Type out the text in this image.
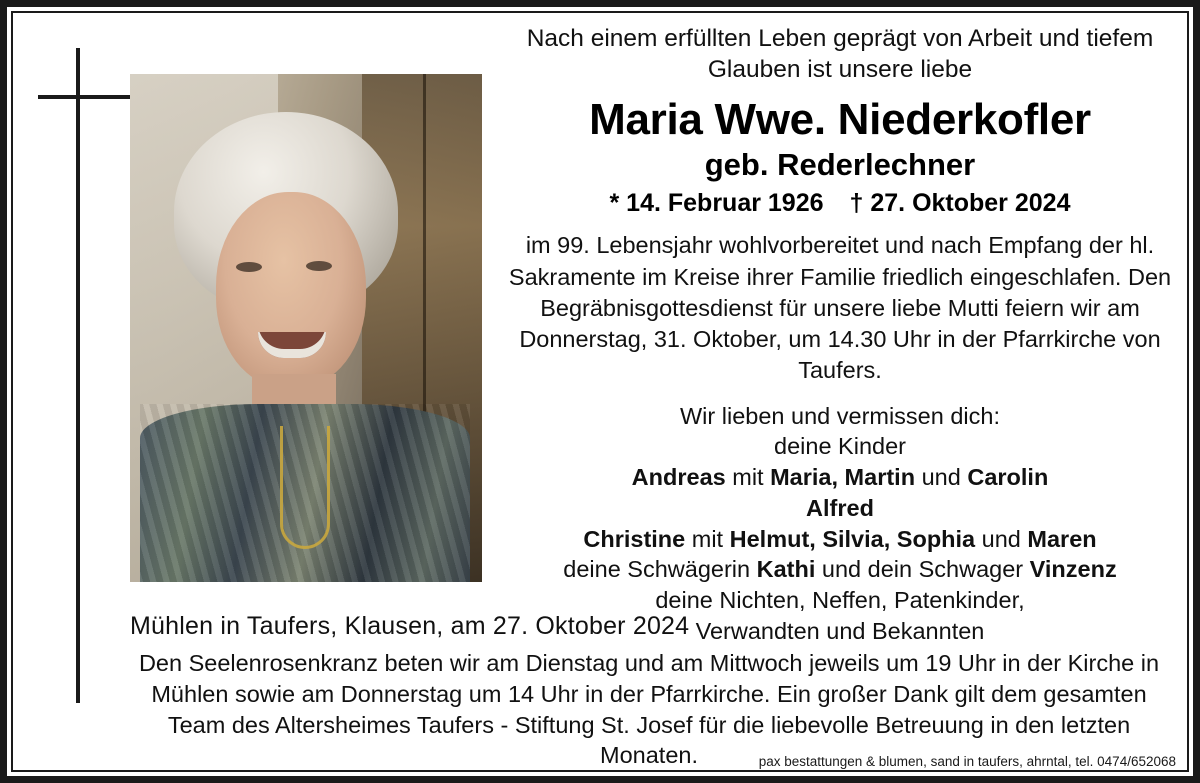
Nach einem erfüllten Leben geprägt von Arbeit und tiefem Glauben ist unsere liebe

Maria Wwe. Niederkofler
geb. Rederlechner
* 14. Februar 1926 † 27. Oktober 2024

im 99. Lebensjahr wohlvorbereitet und nach Empfang der hl. Sakramente im Kreise ihrer Familie friedlich eingeschlafen. Den Begräbnisgottesdienst für unsere liebe Mutti feiern wir am Donnerstag, 31. Oktober, um 14.30 Uhr in der Pfarrkirche von Taufers.

Wir lieben und vermissen dich:
deine Kinder
Andreas mit Maria, Martin und Carolin
Alfred
Christine mit Helmut, Silvia, Sophia und Maren
deine Schwägerin Kathi und dein Schwager Vinzenz
deine Nichten, Neffen, Patenkinder,
Verwandten und Bekannten
Mühlen in Taufers, Klausen, am 27. Oktober 2024
Den Seelenrosenkranz beten wir am Dienstag und am Mittwoch jeweils um 19 Uhr in der Kirche in Mühlen sowie am Donnerstag um 14 Uhr in der Pfarrkirche. Ein großer Dank gilt dem gesamten Team des Altersheimes Taufers - Stiftung St. Josef für die liebevolle Betreuung in den letzten Monaten.	pax bestattungen & blumen, sand in taufers, ahrntal, tel. 0474/652068
